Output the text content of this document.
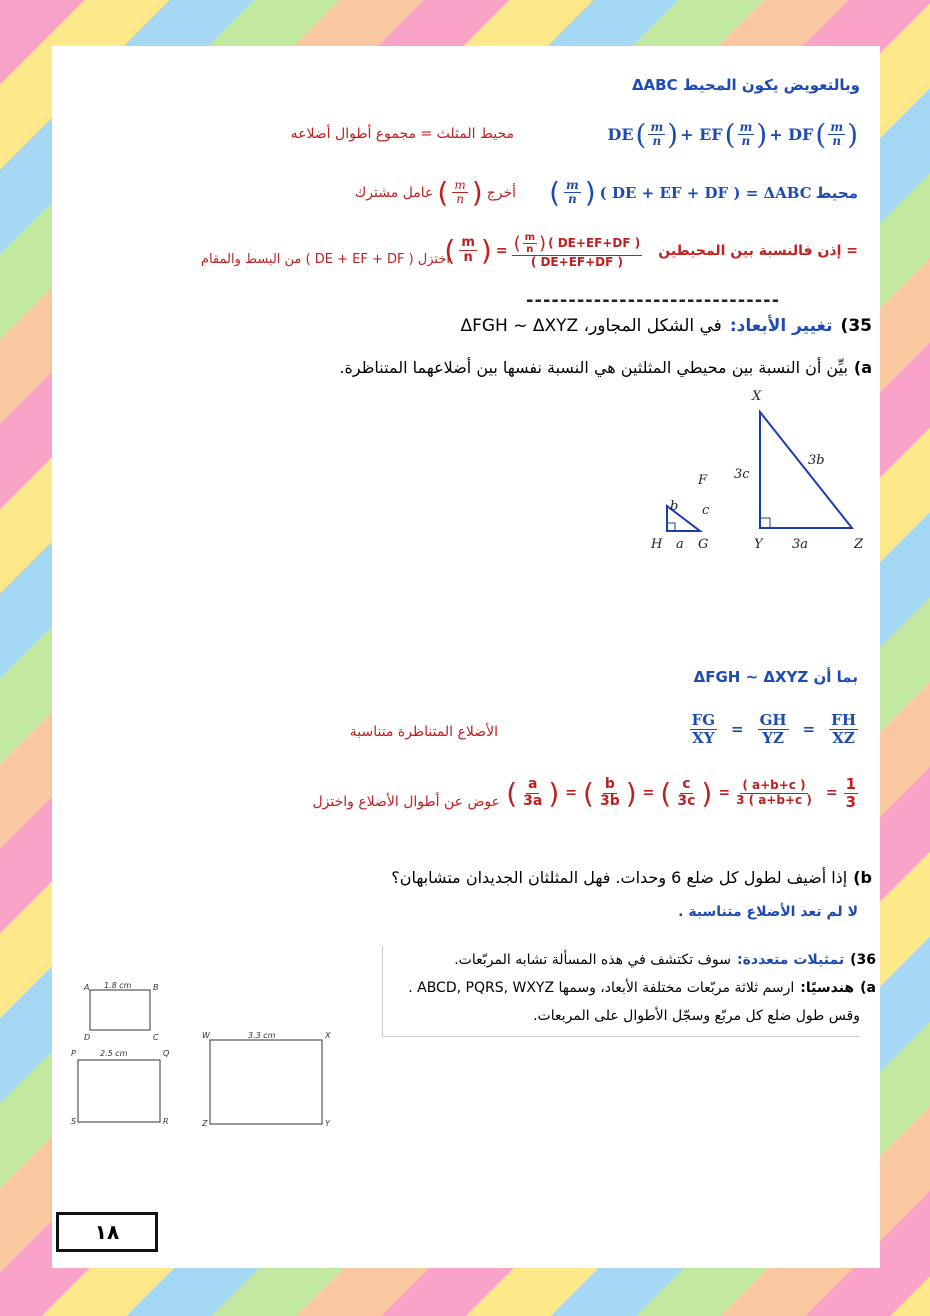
وبالتعويض يكون المحيط ΔABC
DE ( $\frac{m}{n}$ ) + EF ( $\frac{m}{n}$ ) + DF ( $\frac{m}{n}$ )
محيط المثلث = مجموع أطوال أضلاعه
( $\frac{m}{n}$ ) ( DE + EF + DF ) = ΔABC محيط
عامل مشترك ( $\frac{m}{n}$ ) أخرج
( $\frac{m}{n}$ ) = $\frac{( \frac{m}{n} ) ( DE+EF+DF )}{( DE+EF+DF )}$ إذن فالنسبة بين المحيطين =
اختزل ( DE + EF + DF ) من البسط والمقام
------------------------------
35)
تغيير الأبعاد:
في الشكل المجاور، ΔFGH ~ ΔXYZ
a)
بيِّن أن النسبة بين محيطي المثلثين هي النسبة نفسها بين أضلاعهما المتناظرة.
F
b c
H a G
X
3c
3b
Y 3a	Z
بما أن ΔFGH ~ ΔXYZ
$\frac{FG}{XY} = \frac{GH}{YZ} = \frac{FH}{XZ}$
الأضلاع المتناظرة متناسبة
( $\frac{a}{3a}$ ) = ( $\frac{b}{3b}$ ) = ( $\frac{c}{3c}$ ) = $\frac{( a+b+c )}{3 ( a+b+c )} = \frac{1}{3}$
عوض عن أطوال الأضلاع واختزل
b)
إذا أضيف لطول كل ضلع 6 وحدات. فهل المثلثان الجديدان متشابهان؟
لا لم تعد الأضلاع متناسبة .
36)
تمثيلات متعددة:
سوف تكتشف في هذه المسألة تشابه المربّعات.
a)
هندسيًا:
ارسم ثلاثة مربّعات مختلفة الأبعاد، وسمها ABCD, PQRS, WXYZ .
وقس طول ضلع كل مربّع وسجّل الأطوال على المربعات.
A	B
D	C
1.8 cm
P	Q
S	R
2.5 cm
W	X
Z	Y
3.3 cm
١٨
